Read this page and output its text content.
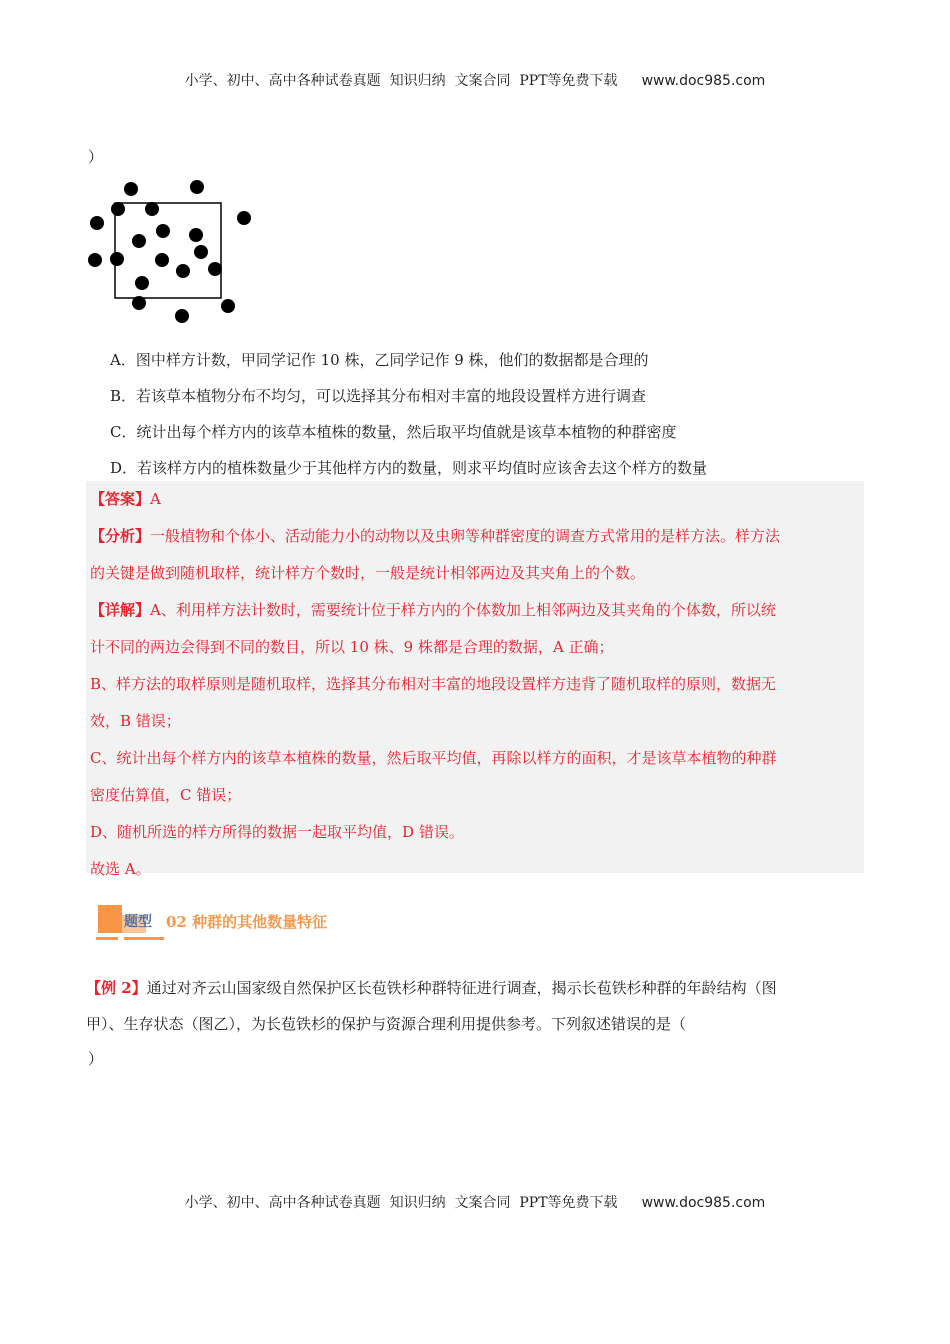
小学、初中、高中各种试卷真题  知识归纳  文案合同  PPT等免费下载 www.doc985.com
）
A．图中样方计数，甲同学记作 10 株，乙同学记作 9 株，他们的数据都是合理的
B．若该草本植物分布不均匀，可以选择其分布相对丰富的地段设置样方进行调查
C．统计出每个样方内的该草本植株的数量，然后取平均值就是该草本植物的种群密度
D．若该样方内的植株数量少于其他样方内的数量，则求平均值时应该舍去这个样方的数量

【答案】A

【分析】一般植物和个体小、活动能力小的动物以及虫卵等种群密度的调查方式常用的是样方法。样方法

的关键是做到随机取样，统计样方个数时，一般是统计相邻两边及其夹角上的个数。

【详解】A、利用样方法计数时，需要统计位于样方内的个体数加上相邻两边及其夹角的个体数，所以统

计不同的两边会得到不同的数目，所以 10 株、9 株都是合理的数据，A 正确；

B、样方法的取样原则是随机取样，选择其分布相对丰富的地段设置样方违背了随机取样的原则，数据无

效，B 错误；

C、统计出每个样方内的该草本植株的数量，然后取平均值，再除以样方的面积，才是该草本植物的种群

密度估算值，C 错误；

D、随机所选的样方所得的数据一起取平均值，D 错误。

故选 A。

题型 02 种群的其他数量特征
【例 2】通过对齐云山国家级自然保护区长苞铁杉种群特征进行调查，揭示长苞铁杉种群的年龄结构（图
甲）、生存状态（图乙），为长苞铁杉的保护与资源合理利用提供参考。下列叙述错误的是（
）
小学、初中、高中各种试卷真题  知识归纳  文案合同  PPT等免费下载 www.doc985.com
